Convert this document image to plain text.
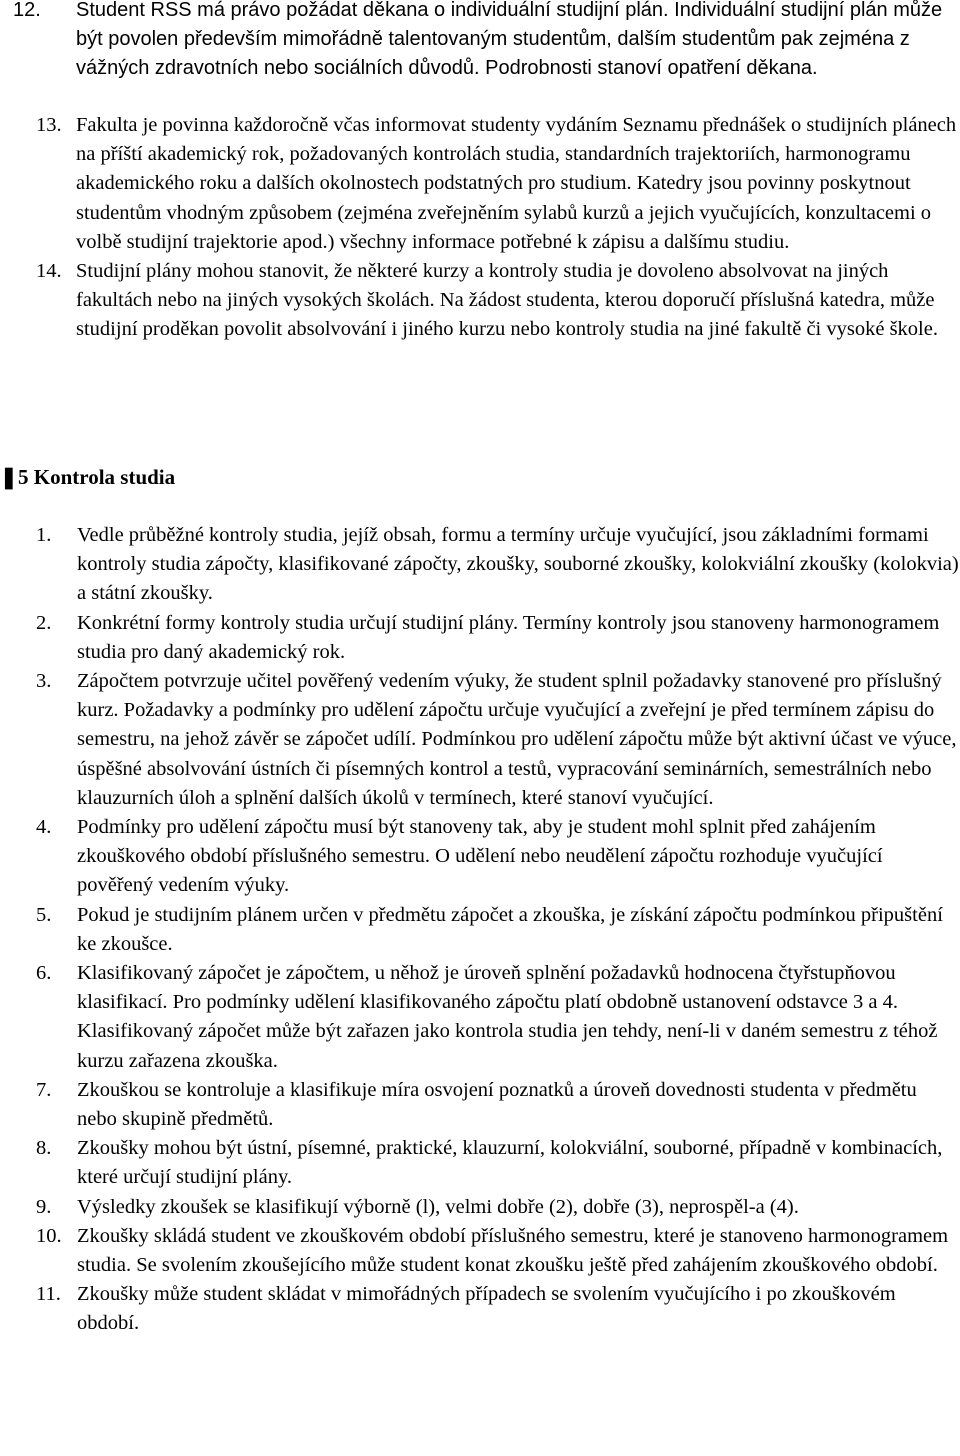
12.	Student RSS má právo požádat děkana o individuální studijní plán. Individuální studijní plán může být povolen především mimořádně talentovaným studentům, dalším studentům pak zejména z vážných zdravotních nebo sociálních důvodů. Podrobnosti stanoví opatření děkana.
13. Fakulta je povinna každoročně včas informovat studenty vydáním Seznamu přednášek o studijních plánech na příští akademický rok, požadovaných kontrolách studia, standardních trajektoriích, harmonogramu akademického roku a dalších okolnostech podstatných pro studium. Katedry jsou povinny poskytnout studentům vhodným způsobem (zejména zveřejněním sylabů kurzů a jejich vyučujících, konzultacemi o volbě studijní trajektorie apod.) všechny informace potřebné k zápisu a dalšímu studiu.
14. Studijní plány mohou stanovit, že některé kurzy a kontroly studia je dovoleno absolvovat na jiných fakultách nebo na jiných vysokých školách. Na žádost studenta, kterou doporučí příslušná katedra, může studijní proděkan povolit absolvování i jiného kurzu nebo kontroly studia na jiné fakultě či vysoké škole.
❚ 5 Kontrola studia
1.	Vedle průběžné kontroly studia, jejíž obsah, formu a termíny určuje vyučující, jsou základními formami kontroly studia zápočty, klasifikované zápočty, zkoušky, souborné zkoušky, kolokviální zkoušky (kolokvia) a státní zkoušky.
2.	Konkrétní formy kontroly studia určují studijní plány. Termíny kontroly jsou stanoveny harmonogramem studia pro daný akademický rok.
3.	Zápočtem potvrzuje učitel pověřený vedením výuky, že student splnil požadavky stanovené pro příslušný kurz. Požadavky a podmínky pro udělení zápočtu určuje vyučující a zveřejní je před termínem zápisu do semestru, na jehož závěr se zápočet udílí. Podmínkou pro udělení zápočtu může být aktivní účast ve výuce, úspěšné absolvování ústních či písemných kontrol a testů, vypracování seminárních, semestrálních nebo klauzurních úloh a splnění dalších úkolů v termínech, které stanoví vyučující.
4.	Podmínky pro udělení zápočtu musí být stanoveny tak, aby je student mohl splnit před zahájením zkouškového období příslušného semestru. O udělení nebo neudělení zápočtu rozhoduje vyučující pověřený vedením výuky.
5.	Pokud je studijním plánem určen v předmětu zápočet a zkouška, je získání zápočtu podmínkou připuštění ke zkoušce.
6.	Klasifikovaný zápočet je zápočtem, u něhož je úroveň splnění požadavků hodnocena čtyřstupňovou klasifikací. Pro podmínky udělení klasifikovaného zápočtu platí obdobně ustanovení odstavce 3 a 4. Klasifikovaný zápočet může být zařazen jako kontrola studia jen tehdy, není-li v daném semestru z téhož kurzu zařazena zkouška.
7.	Zkouškou se kontroluje a klasifikuje míra osvojení poznatků a úroveň dovednosti studenta v předmětu nebo skupině předmětů.
8.	Zkoušky mohou být ústní, písemné, praktické, klauzurní, kolokviální, souborné, případně v kombinacích, které určují studijní plány.
9.	Výsledky zkoušek se klasifikují výborně (l), velmi dobře (2), dobře (3), neprospěl-a (4).
10. Zkoušky skládá student ve zkouškovém období příslušného semestru, které je stanoveno harmonogramem studia. Se svolením zkoušejícího může student konat zkoušku ještě před zahájením zkouškového období.
11. Zkoušky může student skládat v mimořádných případech se svolením vyučujícího i po zkouškovém období.
